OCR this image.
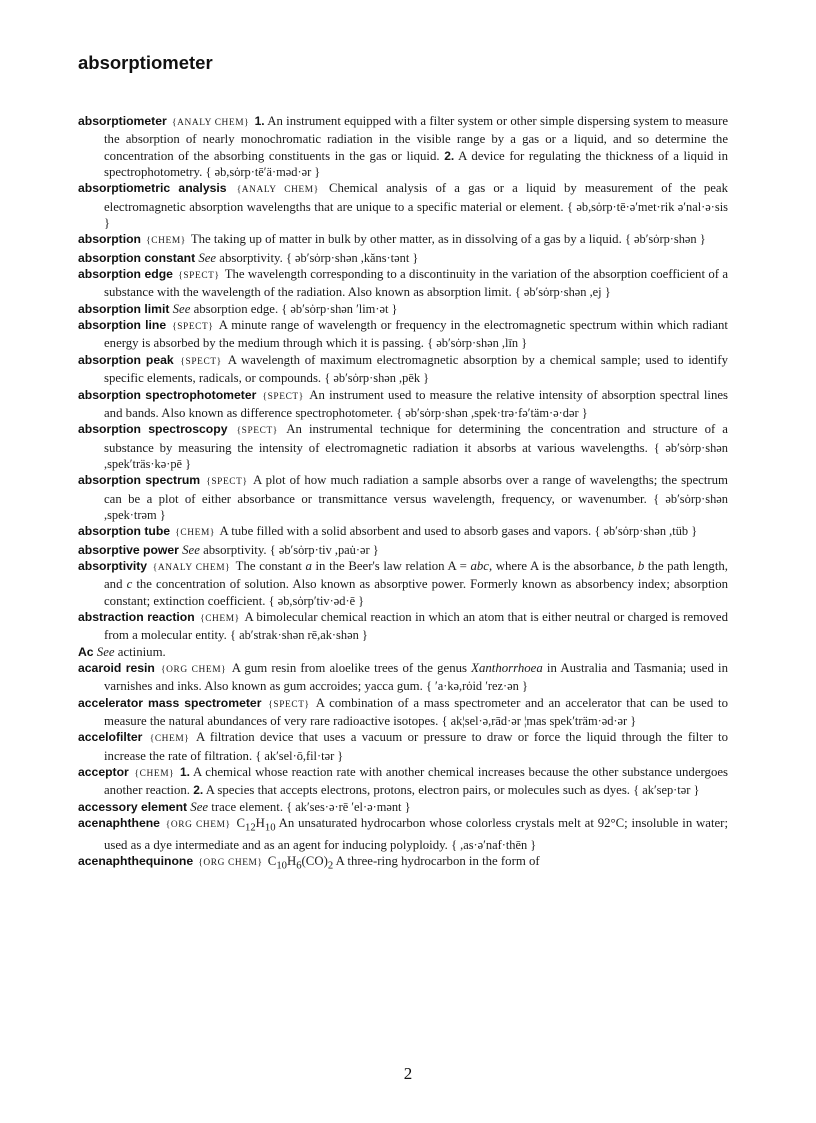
absorptiometer

absorptiometer {ANALY CHEM} 1. An instrument equipped with a filter system or other simple dispersing system to measure the absorption of nearly monochromatic radiation in the visible range by a gas or a liquid, and so determine the concentration of the absorbing constituents in the gas or liquid. 2. A device for regulating the thickness of a liquid in spectrophotometry. { əb,sȯrp·tē′ä·məd·ər }

absorptiometric analysis {ANALY CHEM} Chemical analysis of a gas or a liquid by measurement of the peak electromagnetic absorption wavelengths that are unique to a specific material or element. { əb,sȯrp·tē·ə′met·rik ə′nal·ə·sis }

absorption {CHEM} The taking up of matter in bulk by other matter, as in dissolving of a gas by a liquid. { əb′sȯrp·shən }

absorption constant See absorptivity. { əb′sȯrp·shən ,kăns·tənt }

absorption edge {SPECT} The wavelength corresponding to a discontinuity in the variation of the absorption coefficient of a substance with the wavelength of the radiation. Also known as absorption limit. { əb′sȯrp·shən ,ej }

absorption limit See absorption edge. { əb′sȯrp·shən ′lim·ət }

absorption line {SPECT} A minute range of wavelength or frequency in the electromagnetic spectrum within which radiant energy is absorbed by the medium through which it is passing. { əb′sȯrp·shən ,līn }

absorption peak {SPECT} A wavelength of maximum electromagnetic absorption by a chemical sample; used to identify specific elements, radicals, or compounds. { əb′sȯrp·shən ,pēk }

absorption spectrophotometer {SPECT} An instrument used to measure the relative intensity of absorption spectral lines and bands. Also known as difference spectrophotometer. { əb′sȯrp·shən ,spek·trə·fə′täm·ə·dər }

absorption spectroscopy {SPECT} An instrumental technique for determining the concentration and structure of a substance by measuring the intensity of electromagnetic radiation it absorbs at various wavelengths. { əb′sȯrp·shən ,spek′träs·kə·pē }

absorption spectrum {SPECT} A plot of how much radiation a sample absorbs over a range of wavelengths; the spectrum can be a plot of either absorbance or transmittance versus wavelength, frequency, or wavenumber. { əb′sȯrp·shən ,spek·trəm }

absorption tube {CHEM} A tube filled with a solid absorbent and used to absorb gases and vapors. { əb′sȯrp·shən ,tüb }

absorptive power See absorptivity. { əb′sȯrp·tiv ,pau̇·ər }

absorptivity {ANALY CHEM} The constant a in the Beer's law relation A = abc, where A is the absorbance, b the path length, and c the concentration of solution. Also known as absorptive power. Formerly known as absorbency index; absorption constant; extinction coefficient. { əb,sȯrp′tiv·əd·ē }

abstraction reaction {CHEM} A bimolecular chemical reaction in which an atom that is either neutral or charged is removed from a molecular entity. { ab′strak·shən rē,ak·shən }

Ac See actinium.

acaroid resin {ORG CHEM} A gum resin from aloelike trees of the genus Xanthorrhoea in Australia and Tasmania; used in varnishes and inks. Also known as gum accroides; yacca gum. { ′a·kə,rȯid ′rez·ən }

accelerator mass spectrometer {SPECT} A combination of a mass spectrometer and an accelerator that can be used to measure the natural abundances of very rare radioactive isotopes. { ak¦sel·ə,rād·ər ¦mas spek′träm·əd·ər }

accelofilter {CHEM} A filtration device that uses a vacuum or pressure to draw or force the liquid through the filter to increase the rate of filtration. { ak′sel·ō,fil·tər }

acceptor {CHEM} 1. A chemical whose reaction rate with another chemical increases because the other substance undergoes another reaction. 2. A species that accepts electrons, protons, electron pairs, or molecules such as dyes. { ak′sep·tər }

accessory element See trace element. { ak′ses·ə·rē ′el·ə·mənt }

acenaphthene {ORG CHEM} $C_{12}H_{10}$ An unsaturated hydrocarbon whose colorless crystals melt at 92°C; insoluble in water; used as a dye intermediate and as an agent for inducing polyploidy. { ,as·ə′naf·thēn }

acenaphthequinone {ORG CHEM} $C_{10}H_6(CO)_2$ A three-ring hydrocarbon in the form of

2
